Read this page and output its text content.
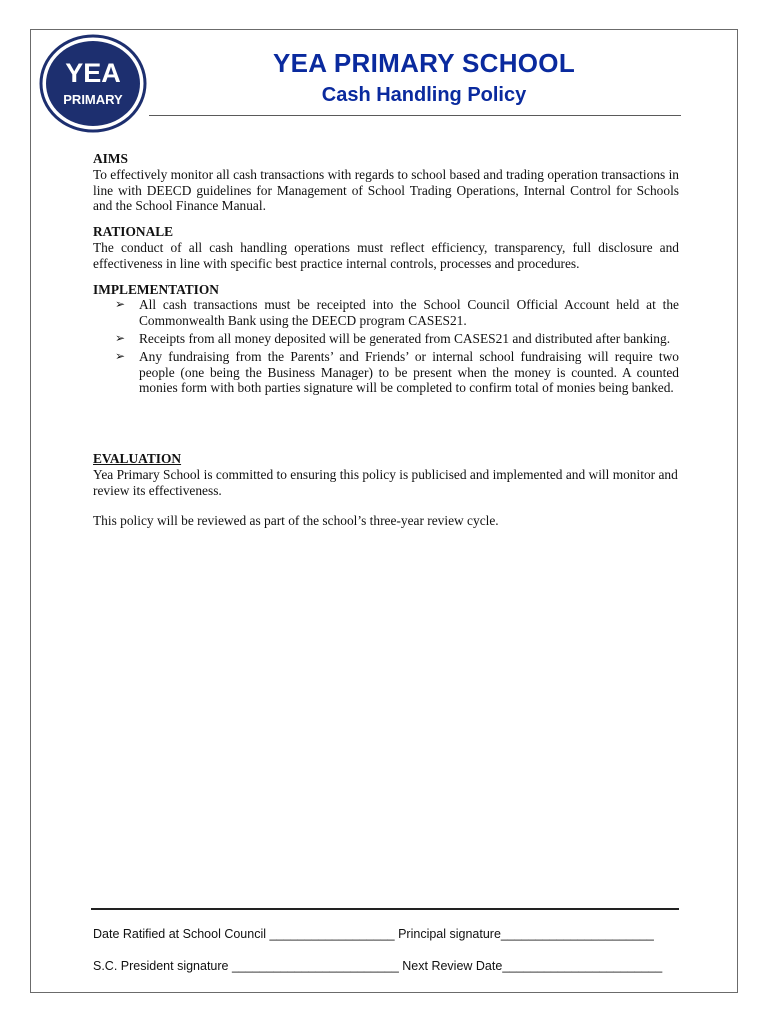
YEA
PRIMARY
YEA PRIMARY SCHOOL
Cash Handling Policy

AIMS

To effectively monitor all cash transactions with regards to school based and trading operation transactions in line with DEECD guidelines for Management of School Trading Operations, Internal Control for Schools and the School Finance Manual.

RATIONALE

The conduct of all cash handling operations must reflect efficiency, transparency, full disclosure and effectiveness in line with specific best practice internal controls, processes and procedures.

IMPLEMENTATION

➢ All cash transactions must be receipted into the School Council Official Account held at the Commonwealth Bank using the DEECD program CASES21.
➢ Receipts from all money deposited will be generated from CASES21 and distributed after banking.
➢ Any fundraising from the Parents’ and Friends’ or internal school fundraising will require two people (one being the Business Manager) to be present when the money is counted. A counted monies form with both parties signature will be completed to confirm total of monies being banked.

EVALUATION

Yea Primary School is committed to ensuring this policy is publicised and implemented and will monitor and review its effectiveness.

This policy will be reviewed as part of the school’s three-year review cycle.

Date Ratified at School Council __________________ Principal signature______________________
S.C. President signature ________________________ Next Review Date_______________________
